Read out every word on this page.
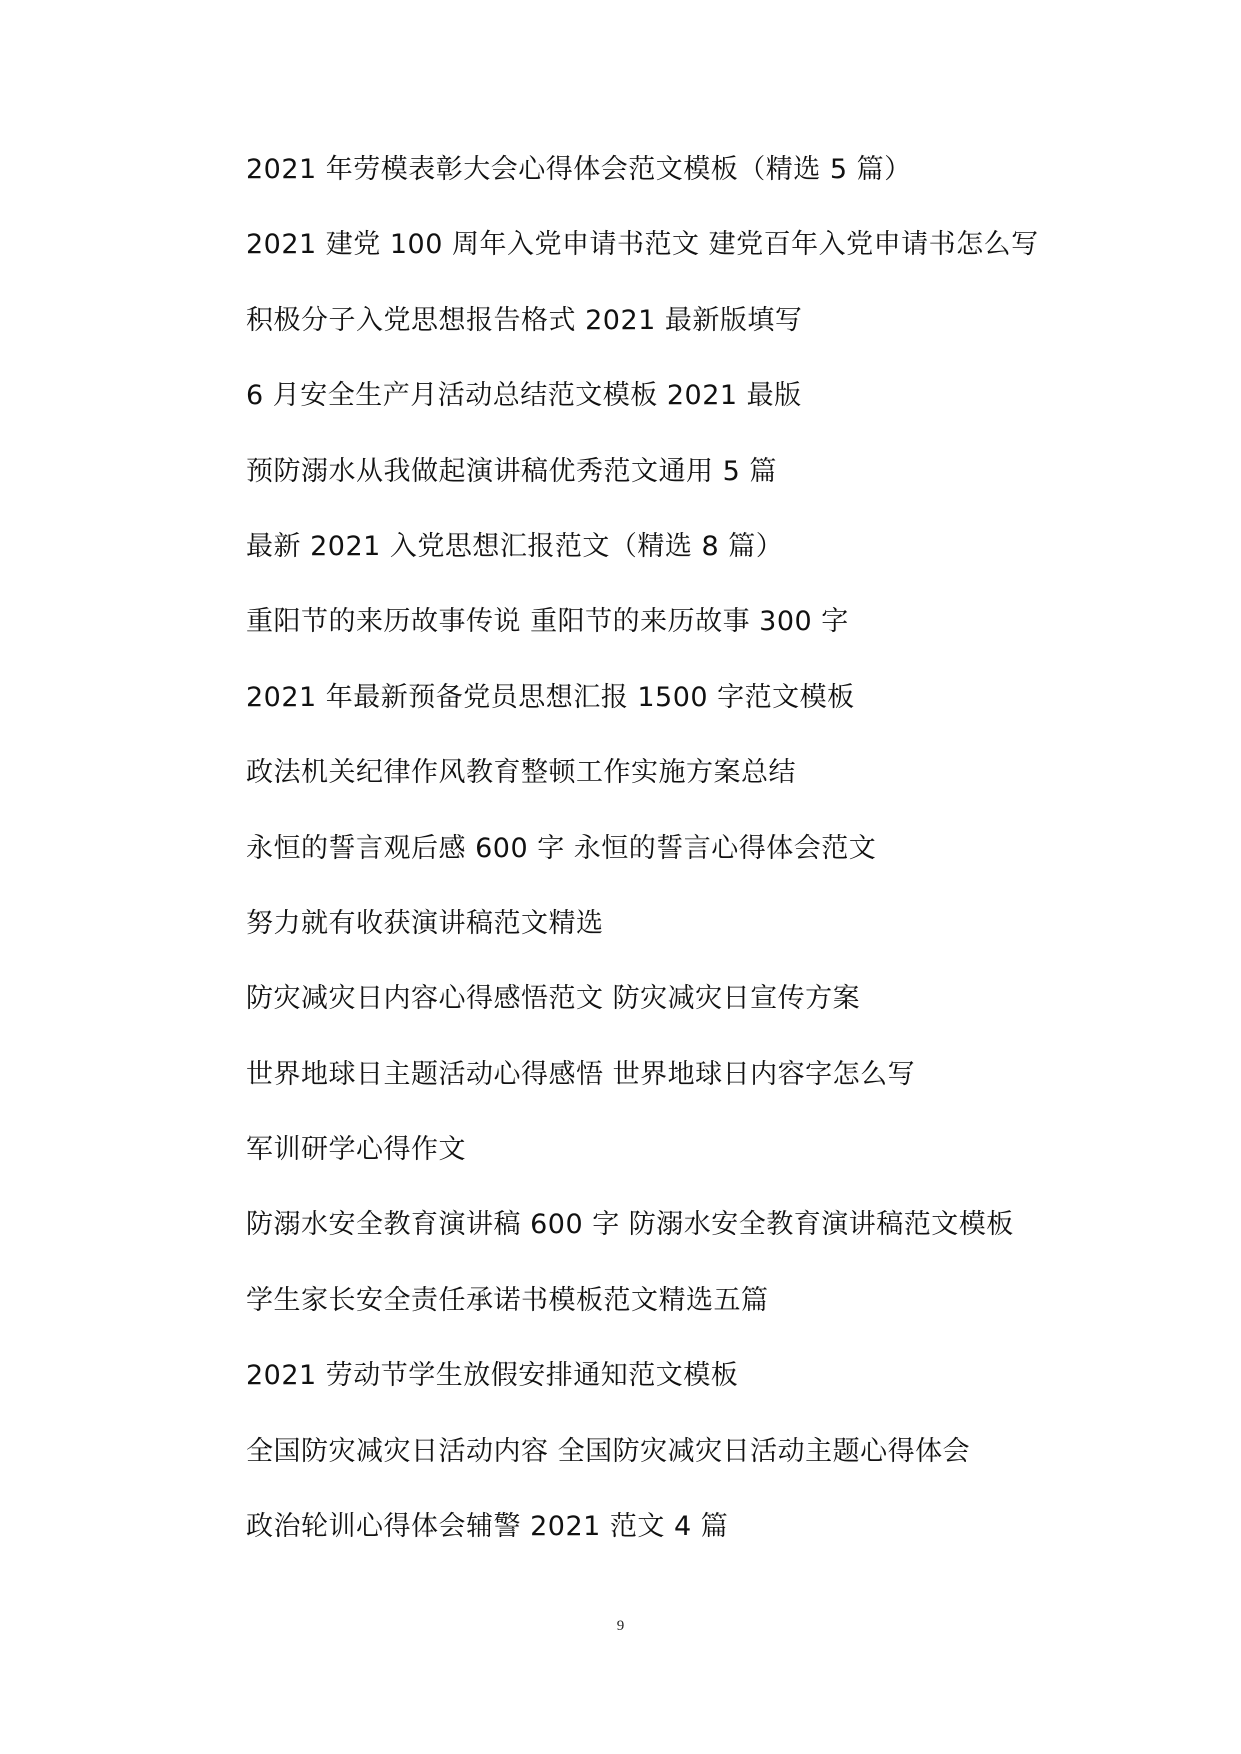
2021 年劳模表彰大会心得体会范文模板（精选 5 篇）
2021 建党 100 周年入党申请书范文 建党百年入党申请书怎么写
积极分子入党思想报告格式 2021 最新版填写
6 月安全生产月活动总结范文模板 2021 最版
预防溺水从我做起演讲稿优秀范文通用 5 篇
最新 2021 入党思想汇报范文（精选 8 篇）
重阳节的来历故事传说 重阳节的来历故事 300 字
2021 年最新预备党员思想汇报 1500 字范文模板
政法机关纪律作风教育整顿工作实施方案总结
永恒的誓言观后感 600 字 永恒的誓言心得体会范文
努力就有收获演讲稿范文精选
防灾减灾日内容心得感悟范文 防灾减灾日宣传方案
世界地球日主题活动心得感悟 世界地球日内容字怎么写
军训研学心得作文
防溺水安全教育演讲稿 600 字 防溺水安全教育演讲稿范文模板
学生家长安全责任承诺书模板范文精选五篇
2021 劳动节学生放假安排通知范文模板
全国防灾减灾日活动内容 全国防灾减灾日活动主题心得体会
政治轮训心得体会辅警 2021 范文 4 篇
9
